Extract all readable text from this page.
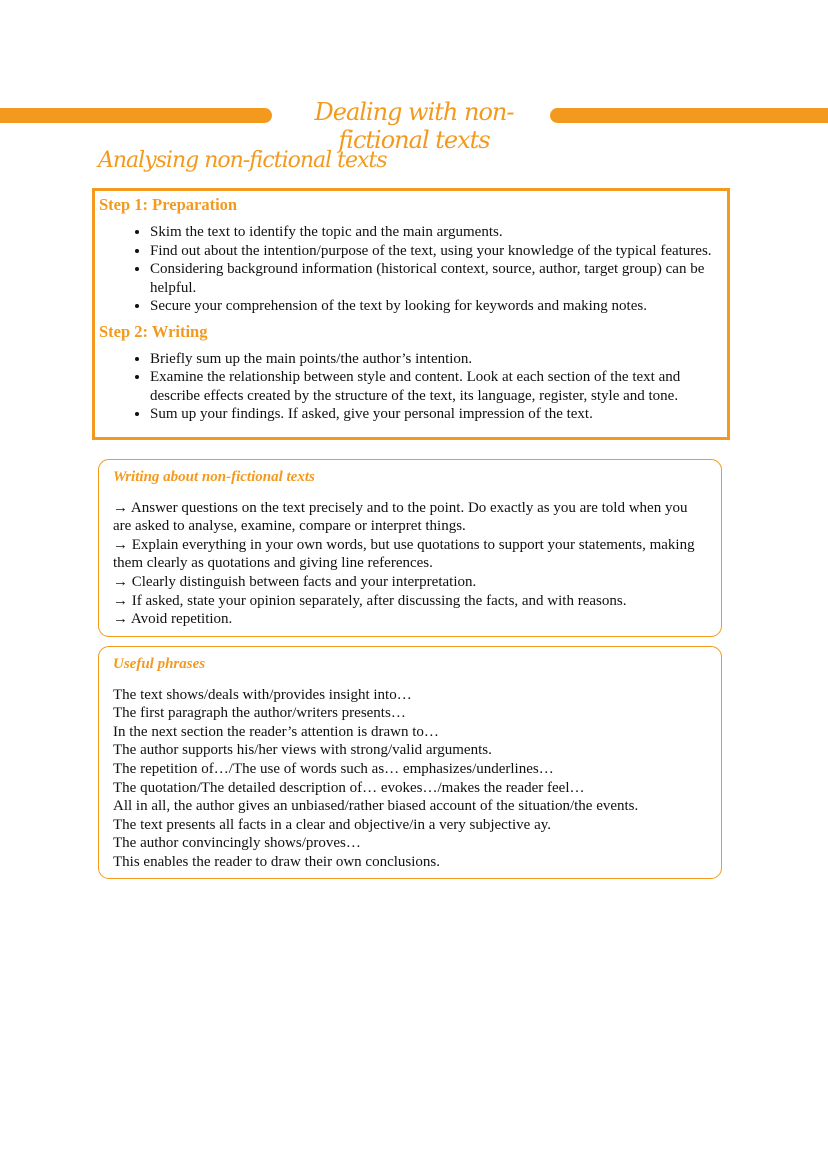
Dealing with non-fictional texts
Analysing non-fictional texts
Step 1: Preparation
• Skim the text to identify the topic and the main arguments.
• Find out about the intention/purpose of the text, using your knowledge of the typical features.
• Considering background information (historical context, source, author, target group) can be helpful.
• Secure your comprehension of the text by looking for keywords and making notes.
Step 2: Writing
• Briefly sum up the main points/the author’s intention.
• Examine the relationship between style and content. Look at each section of the text and describe effects created by the structure of the text, its language, register, style and tone.
• Sum up your findings. If asked, give your personal impression of the text.
Writing about non-fictional texts

→ Answer questions on the text precisely and to the point. Do exactly as you are told when you are asked to analyse, examine, compare or interpret things.

→ Explain everything in your own words, but use quotations to support your statements, making them clearly as quotations and giving line references.

→ Clearly distinguish between facts and your interpretation.

→ If asked, state your opinion separately, after discussing the facts, and with reasons.

→ Avoid repetition.

Useful phrases

The text shows/deals with/provides insight into…

The first paragraph the author/writers presents…

In the next section the reader’s attention is drawn to…

The author supports his/her views with strong/valid arguments.

The repetition of…/The use of words such as… emphasizes/underlines…

The quotation/The detailed description of… evokes…/makes the reader feel…

All in all, the author gives an unbiased/rather biased account of the situation/the events.

The text presents all facts in a clear and objective/in a very subjective ay.

The author convincingly shows/proves…

This enables the reader to draw their own conclusions.
